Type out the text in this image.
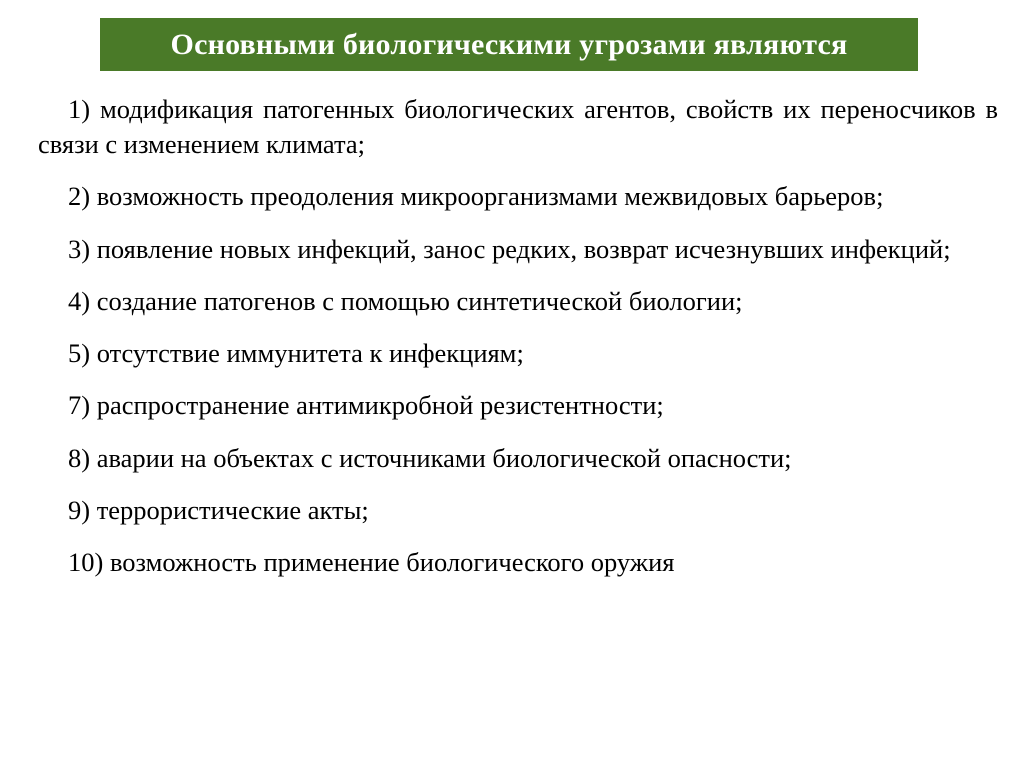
Основными биологическими угрозами являются

1) модификация патогенных биологических агентов, свойств их переносчиков в связи с изменением климата;

2) возможность преодоления микроорганизмами межвидовых барьеров;

3) появление новых инфекций, занос редких, возврат исчезнувших инфекций;

4) создание патогенов с помощью синтетической биологии;

5) отсутствие иммунитета к инфекциям;

7) распространение антимикробной резистентности;

8) аварии на объектах с источниками биологической опасности;

9) террористические акты;

10) возможность применение биологического оружия
